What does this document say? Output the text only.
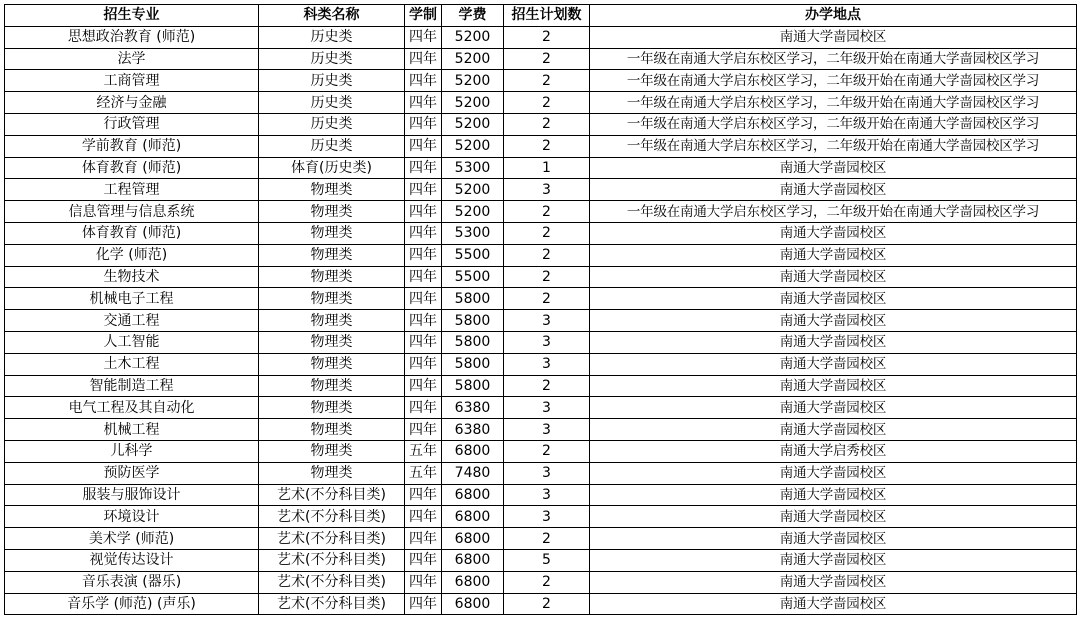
招生专业	科类名称	学制	学费	招生计划数	办学地点
思想政治教育 (师范)	历史类	四年	5200	2	南通大学啬园校区
法学	历史类	四年	5200	2	一年级在南通大学启东校区学习，二年级开始在南通大学啬园校区学习
工商管理	历史类	四年	5200	2	一年级在南通大学启东校区学习，二年级开始在南通大学啬园校区学习
经济与金融	历史类	四年	5200	2	一年级在南通大学启东校区学习，二年级开始在南通大学啬园校区学习
行政管理	历史类	四年	5200	2	一年级在南通大学启东校区学习，二年级开始在南通大学啬园校区学习
学前教育 (师范)	历史类	四年	5200	2	一年级在南通大学启东校区学习，二年级开始在南通大学啬园校区学习
体育教育 (师范)	体育(历史类)	四年	5300	1	南通大学啬园校区
工程管理	物理类	四年	5200	3	南通大学啬园校区
信息管理与信息系统	物理类	四年	5200	2	一年级在南通大学启东校区学习，二年级开始在南通大学啬园校区学习
体育教育 (师范)	物理类	四年	5300	2	南通大学啬园校区
化学 (师范)	物理类	四年	5500	2	南通大学啬园校区
生物技术	物理类	四年	5500	2	南通大学啬园校区
机械电子工程	物理类	四年	5800	2	南通大学啬园校区
交通工程	物理类	四年	5800	3	南通大学啬园校区
人工智能	物理类	四年	5800	3	南通大学啬园校区
土木工程	物理类	四年	5800	3	南通大学啬园校区
智能制造工程	物理类	四年	5800	2	南通大学啬园校区
电气工程及其自动化	物理类	四年	6380	3	南通大学啬园校区
机械工程	物理类	四年	6380	3	南通大学啬园校区
儿科学	物理类	五年	6800	2	南通大学启秀校区
预防医学	物理类	五年	7480	3	南通大学啬园校区
服装与服饰设计	艺术(不分科目类)	四年	6800	3	南通大学啬园校区
环境设计	艺术(不分科目类)	四年	6800	3	南通大学啬园校区
美术学 (师范)	艺术(不分科目类)	四年	6800	2	南通大学啬园校区
视觉传达设计	艺术(不分科目类)	四年	6800	5	南通大学啬园校区
音乐表演 (器乐)	艺术(不分科目类)	四年	6800	2	南通大学啬园校区
音乐学 (师范) (声乐)	艺术(不分科目类)	四年	6800	2	南通大学啬园校区
